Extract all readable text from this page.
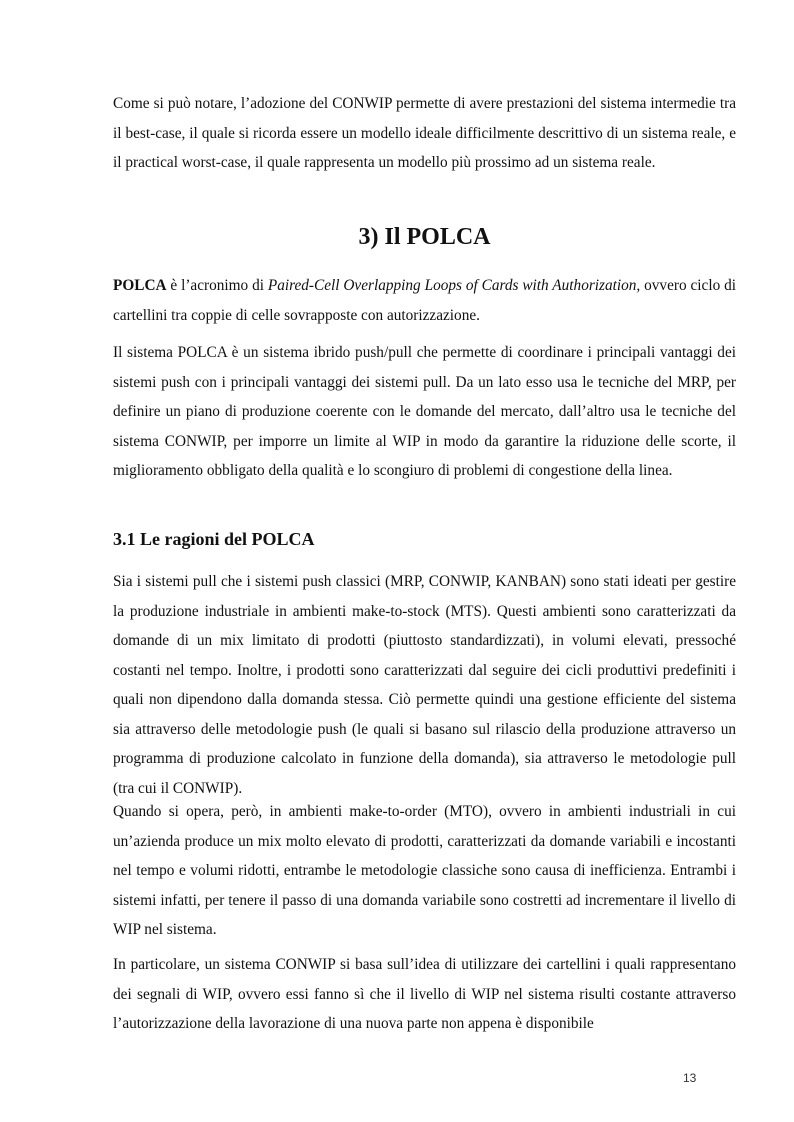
Come si può notare, l’adozione del CONWIP permette di avere prestazioni del sistema intermedie tra il best-case, il quale si ricorda essere un modello ideale difficilmente descrittivo di un sistema reale, e il practical worst-case, il quale rappresenta un modello più prossimo ad un sistema reale.

3) Il POLCA

POLCA è l’acronimo di Paired-Cell Overlapping Loops of Cards with Authorization, ovvero ciclo di cartellini tra coppie di celle sovrapposte con autorizzazione.

Il sistema POLCA è un sistema ibrido push/pull che permette di coordinare i principali vantaggi dei sistemi push con i principali vantaggi dei sistemi pull. Da un lato esso usa le tecniche del MRP, per definire un piano di produzione coerente con le domande del mercato, dall’altro usa le tecniche del sistema CONWIP, per imporre un limite al WIP in modo da garantire la riduzione delle scorte, il miglioramento obbligato della qualità e lo scongiuro di problemi di congestione della linea.

3.1 Le ragioni del POLCA

Sia i sistemi pull che i sistemi push classici (MRP, CONWIP, KANBAN) sono stati ideati per gestire la produzione industriale in ambienti make-to-stock (MTS). Questi ambienti sono caratterizzati da domande di un mix limitato di prodotti (piuttosto standardizzati), in volumi elevati, pressoché costanti nel tempo. Inoltre, i prodotti sono caratterizzati dal seguire dei cicli produttivi predefiniti i quali non dipendono dalla domanda stessa. Ciò permette quindi una gestione efficiente del sistema sia attraverso delle metodologie push (le quali si basano sul rilascio della produzione attraverso un programma di produzione calcolato in funzione della domanda), sia attraverso le metodologie pull (tra cui il CONWIP).

Quando si opera, però, in ambienti make-to-order (MTO), ovvero in ambienti industriali in cui un’azienda produce un mix molto elevato di prodotti, caratterizzati da domande variabili e incostanti nel tempo e volumi ridotti, entrambe le metodologie classiche sono causa di inefficienza. Entrambi i sistemi infatti, per tenere il passo di una domanda variabile sono costretti ad incrementare il livello di WIP nel sistema.

In particolare, un sistema CONWIP si basa sull’idea di utilizzare dei cartellini i quali rappresentano dei segnali di WIP, ovvero essi fanno sì che il livello di WIP nel sistema risulti costante attraverso l’autorizzazione della lavorazione di una nuova parte non appena è disponibile

13
